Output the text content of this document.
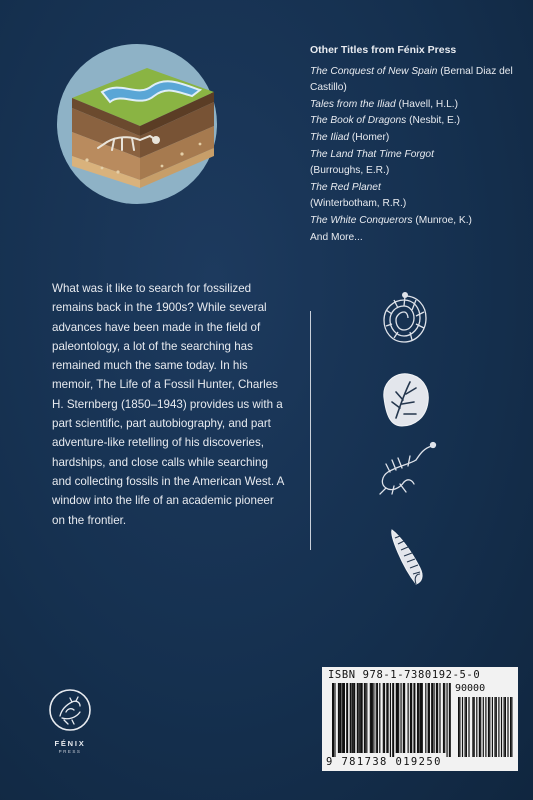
Other Titles from Fénix Press
The Conquest of New Spain (Bernal Diaz del Castillo)
Tales from the Iliad (Havell, H.L.)
The Book of Dragons (Nesbit, E.)
The Iliad (Homer)
The Land That Time Forgot
(Burroughs, E.R.)
The Red Planet
(Winterbotham, R.R.)
The White Conquerors (Munroe, K.)
And More...
What was it like to search for fossilized remains back in the 1900s? While several advances have been made in the field of paleontology, a lot of the searching has remained much the same today. In his memoir, The Life of a Fossil Hunter, Charles H. Sternberg (1850–1943) provides us with a part scientific, part autobiography, and part adventure-like retelling of his discoveries, hardships, and close calls while searching and collecting fossils in the American West. A window into the life of an academic pioneer on the frontier.
ISBN 978-1-7380192-5-0
90000
9 781738 019250
FÉNIX
PRESS
